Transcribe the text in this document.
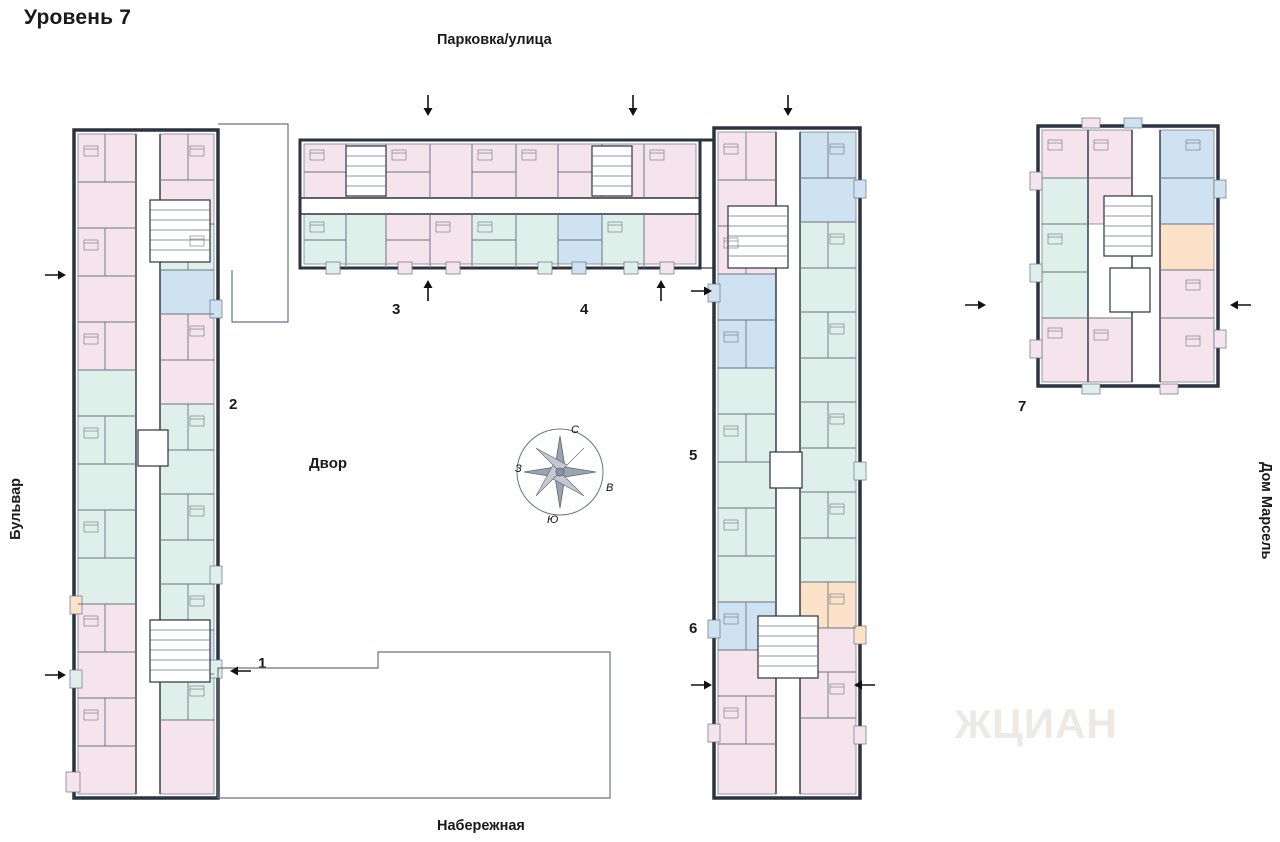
Уровень 7
Парковка/улица
Набережная
Бульвар	Дом Марсель
Двор
1
2
3	4
5
6
7
С
В
Ю
З
ЖЦИАН
